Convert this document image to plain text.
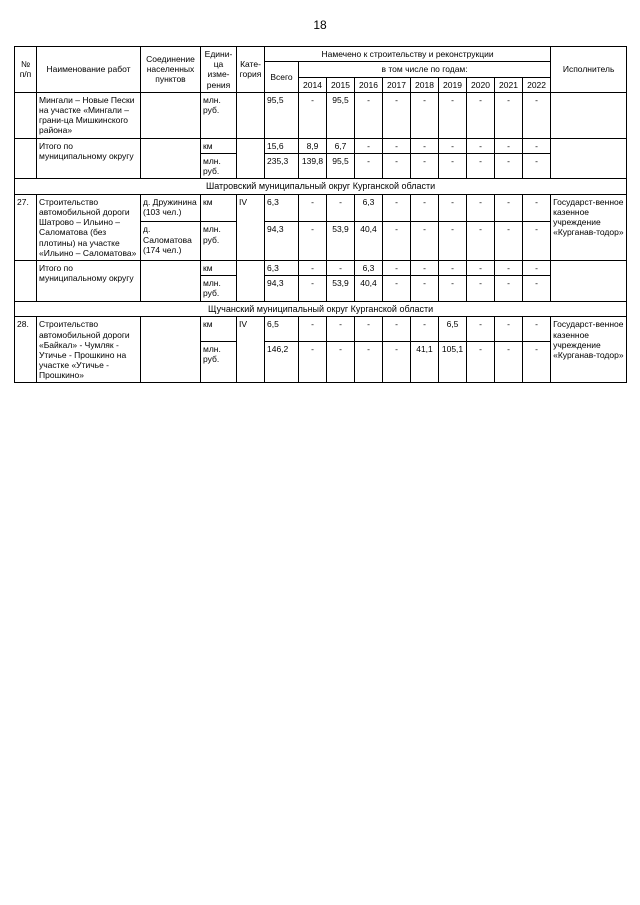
18
№ п/п	Наименование работ	Соединение населенных пунктов	Едини-ца изме-рения	Кате-гория	Намечено к строительству и реконструкции										Исполнитель
					Всего	в том числе по годам:									
						2014	2015	2016	2017	2018	2019	2020	2021	2022	
	Мингали – Новые Пески на участке «Мингали – грани-ца Мишкинского района»		млн. руб.		95,5	-	95,5	-	-	-	-	-	-	-	
	Итого по муниципальному округу		км		15,6	8,9	6,7	-	-	-	-	-	-	-	
			млн. руб.		235,3	139,8	95,5	-	-	-	-	-	-	-	
Шатровский муниципальный округ Курганской области															
27.	Строительство автомобильной дороги Шатрово – Ильино – Саломатова (без плотины) на участке «Ильино – Саломатова»	д. Дружинина (103 чел.)	км	IV	6,3	-	-	6,3	-	-	-	-	-	-	Государст-венное казенное учреждение «Курганав-тодор»
		д. Саломатова (174 чел.)	млн. руб.		94,3	-	53,9	40,4	-	-	-	-	-	-	
	Итого по муниципальному округу		км		6,3	-	-	6,3	-	-	-	-	-	-	
			млн. руб.		94,3	-	53,9	40,4	-	-	-	-	-	-	
Щучанский муниципальный округ Курганской области															
28.	Строительство автомобильной дороги «Байкал» - Чумляк - Утичье - Прошкино на участке «Утичье - Прошкино»		км	IV	6,5	-	-	-	-	-	6,5	-	-	-	Государст-венное казенное учреждение «Курганав-тодор»
			млн. руб.		146,2	-	-	-	-	41,1	105,1	-	-	-	
